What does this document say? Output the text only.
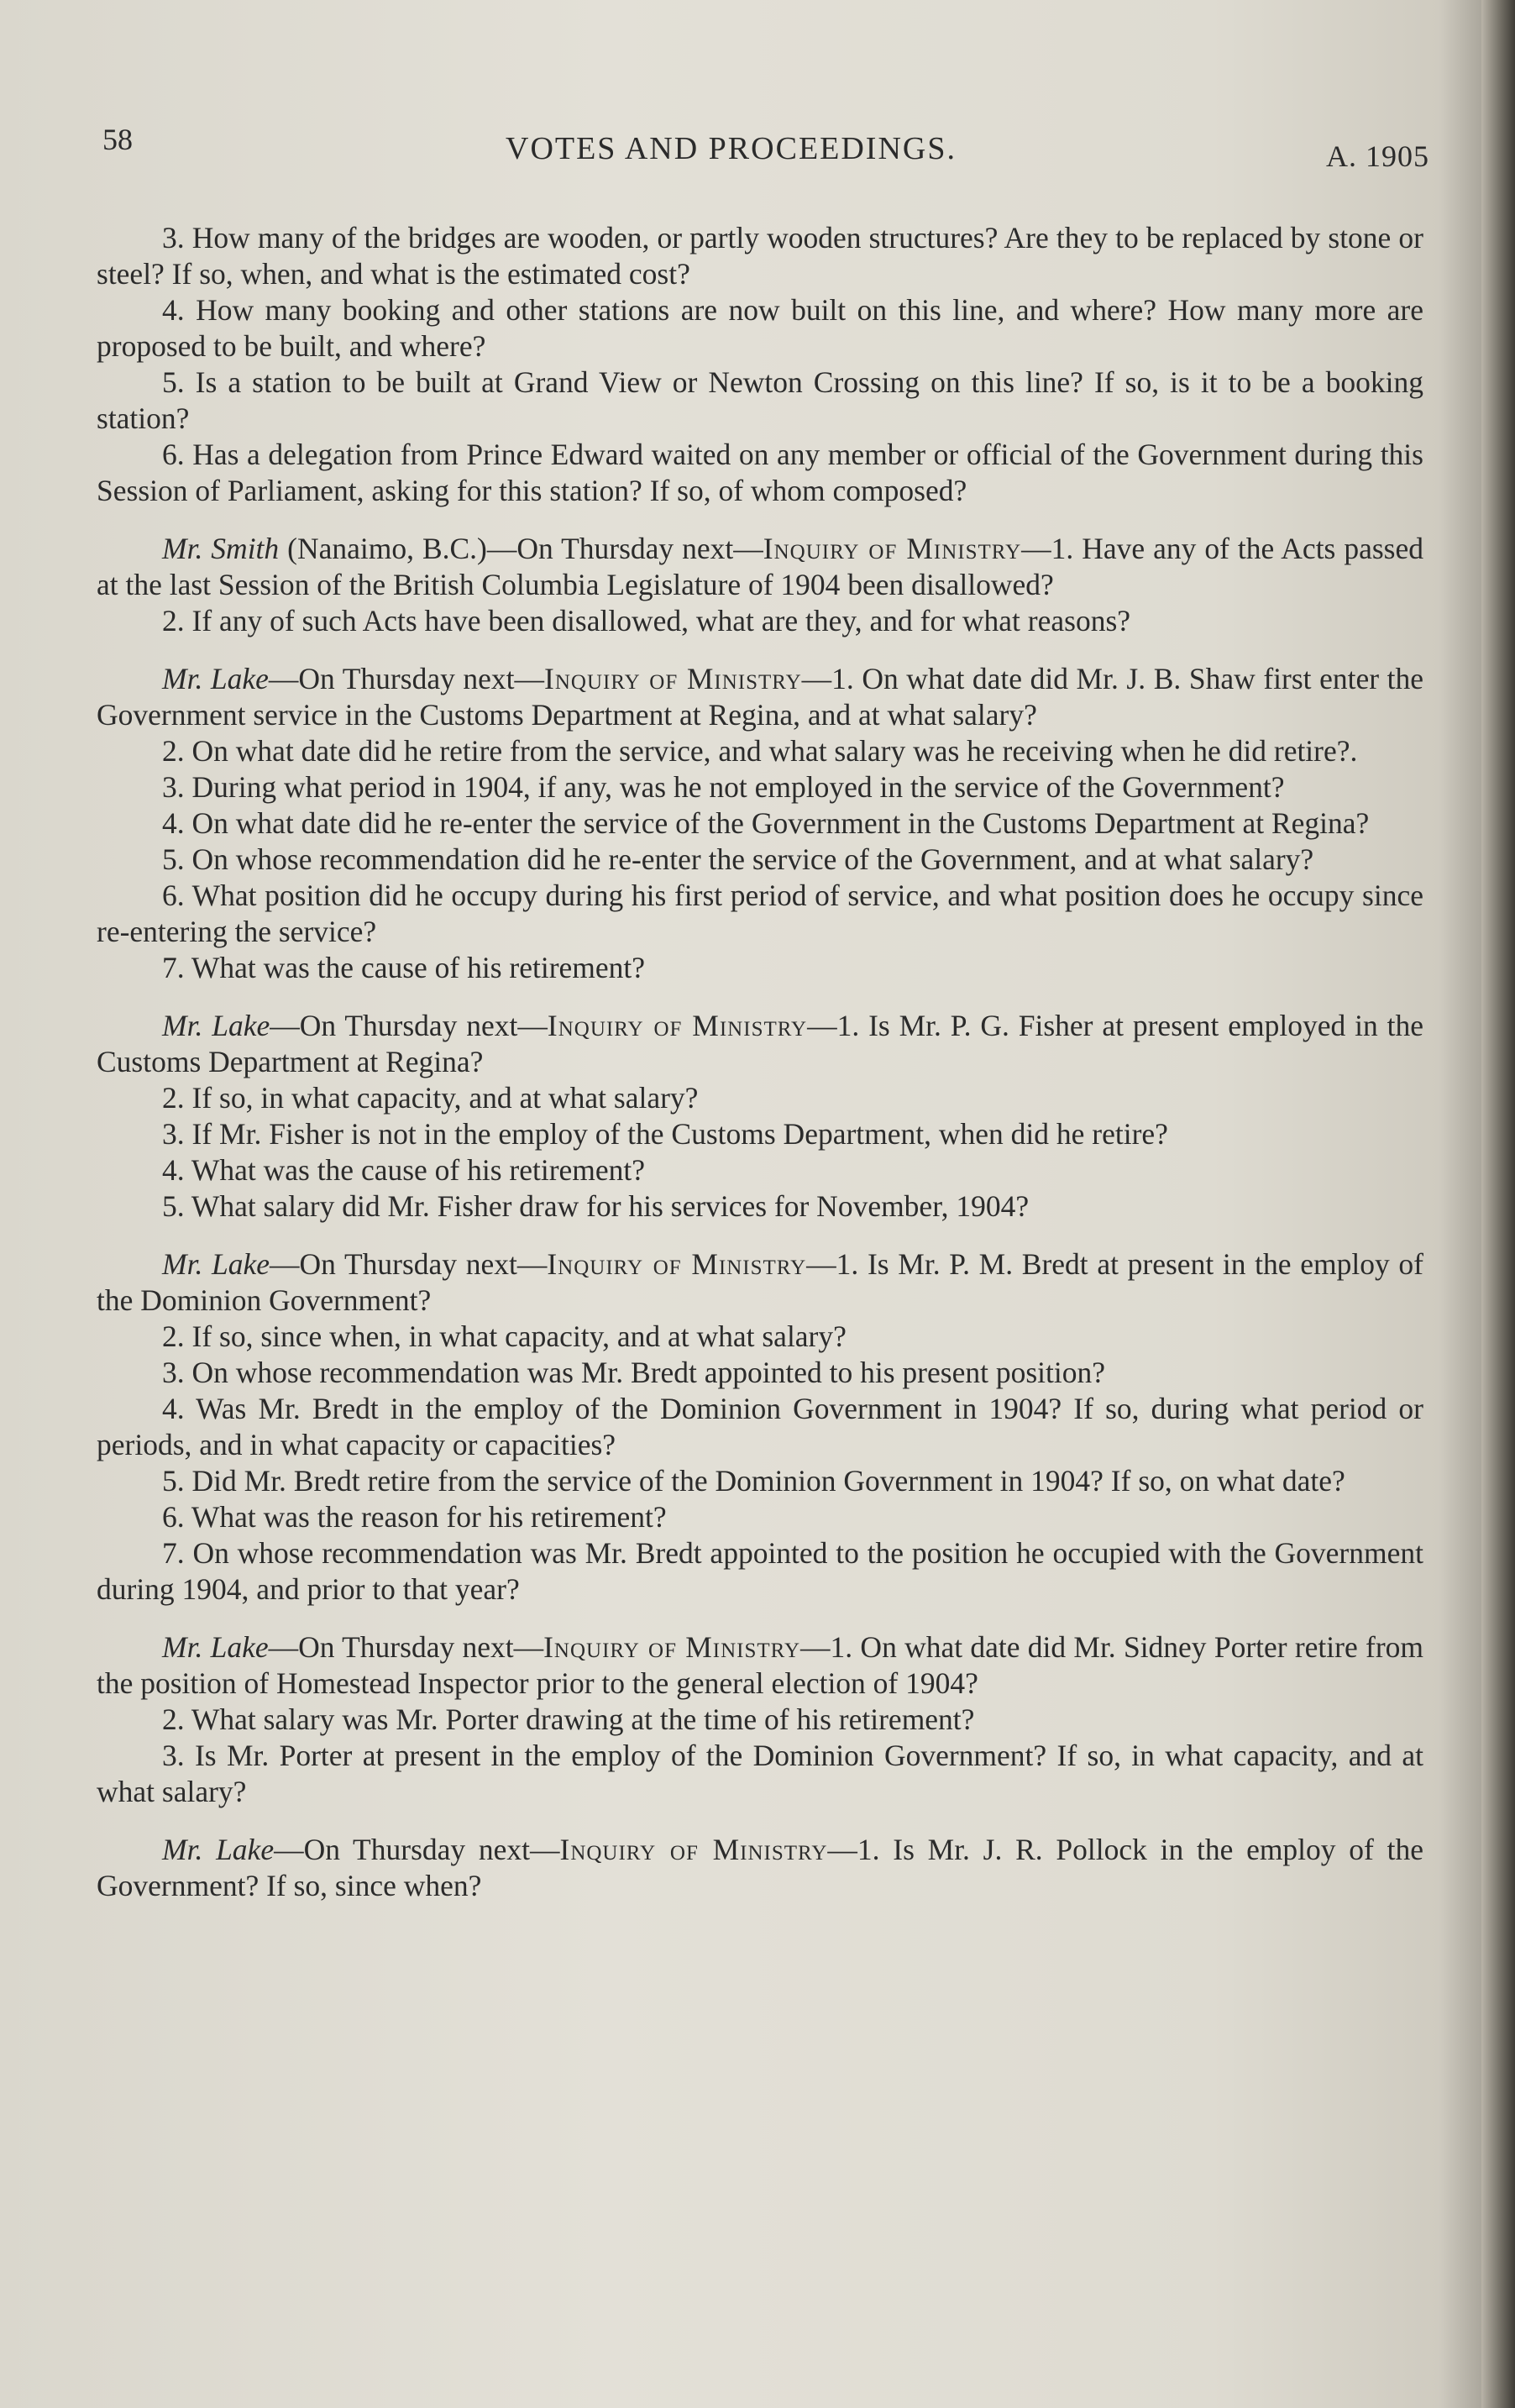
58	VOTES AND PROCEEDINGS.	A. 1905

3. How many of the bridges are wooden, or partly wooden structures? Are they to be replaced by stone or steel? If so, when, and what is the estimated cost?

4. How many booking and other stations are now built on this line, and where? How many more are proposed to be built, and where?

5. Is a station to be built at Grand View or Newton Crossing on this line? If so, is it to be a booking station?

6. Has a delegation from Prince Edward waited on any member or official of the Government during this Session of Parliament, asking for this station? If so, of whom composed?

Mr. Smith (Nanaimo, B.C.)—On Thursday next—Inquiry of Ministry—1. Have any of the Acts passed at the last Session of the British Columbia Legislature of 1904 been disallowed?

2. If any of such Acts have been disallowed, what are they, and for what reasons?

Mr. Lake—On Thursday next—Inquiry of Ministry—1. On what date did Mr. J. B. Shaw first enter the Government service in the Customs Department at Regina, and at what salary?

2. On what date did he retire from the service, and what salary was he receiving when he did retire?.

3. During what period in 1904, if any, was he not employed in the service of the Government?

4. On what date did he re-enter the service of the Government in the Customs Department at Regina?

5. On whose recommendation did he re-enter the service of the Government, and at what salary?

6. What position did he occupy during his first period of service, and what position does he occupy since re-entering the service?

7. What was the cause of his retirement?

Mr. Lake—On Thursday next—Inquiry of Ministry—1. Is Mr. P. G. Fisher at present employed in the Customs Department at Regina?

2. If so, in what capacity, and at what salary?

3. If Mr. Fisher is not in the employ of the Customs Department, when did he retire?

4. What was the cause of his retirement?

5. What salary did Mr. Fisher draw for his services for November, 1904?

Mr. Lake—On Thursday next—Inquiry of Ministry—1. Is Mr. P. M. Bredt at present in the employ of the Dominion Government?

2. If so, since when, in what capacity, and at what salary?

3. On whose recommendation was Mr. Bredt appointed to his present position?

4. Was Mr. Bredt in the employ of the Dominion Government in 1904? If so, during what period or periods, and in what capacity or capacities?

5. Did Mr. Bredt retire from the service of the Dominion Government in 1904? If so, on what date?

6. What was the reason for his retirement?

7. On whose recommendation was Mr. Bredt appointed to the position he occupied with the Government during 1904, and prior to that year?

Mr. Lake—On Thursday next—Inquiry of Ministry—1. On what date did Mr. Sidney Porter retire from the position of Homestead Inspector prior to the general election of 1904?

2. What salary was Mr. Porter drawing at the time of his retirement?

3. Is Mr. Porter at present in the employ of the Dominion Government? If so, in what capacity, and at what salary?

Mr. Lake—On Thursday next—Inquiry of Ministry—1. Is Mr. J. R. Pollock in the employ of the Government? If so, since when?
